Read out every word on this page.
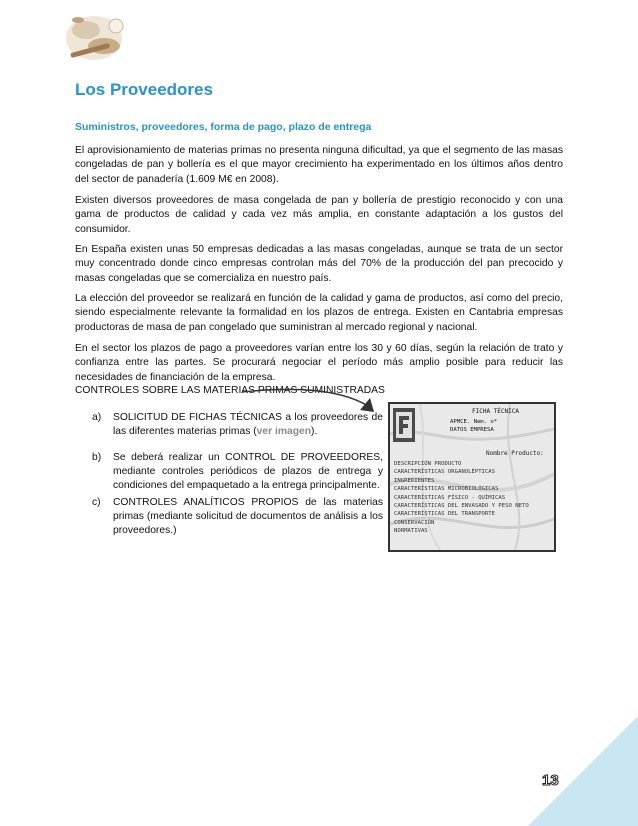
Los Proveedores
Suministros, proveedores, forma de pago, plazo de entrega
El aprovisionamiento de materias primas no presenta ninguna dificultad, ya que el segmento de las masas congeladas de pan y bollería es el que mayor crecimiento ha experimentado en los últimos años dentro del sector de panadería (1.609 M€ en 2008).
Existen diversos proveedores de masa congelada de pan y bollería de prestigio reconocido y con una gama de productos de calidad y cada vez más amplia, en constante adaptación a los gustos del consumidor.
En España existen unas 50 empresas dedicadas a las masas congeladas, aunque se trata de un sector muy concentrado donde cinco empresas controlan más del 70% de la producción del pan precocido y masas congeladas que se comercializa en nuestro país.
La elección del proveedor se realizará en función de la calidad y gama de productos, así como del precio, siendo especialmente relevante la formalidad en los plazos de entrega. Existen en Cantabria empresas productoras de masa de pan congelado que suministran al mercado regional y nacional.
En el sector los plazos de pago a proveedores varían entre los 30 y 60 días, según la relación de trato y confianza entre las partes. Se procurará negociar el período más amplio posible para reducir las necesidades de financiación de la empresa.
CONTROLES SOBRE LAS MATERIAS PRIMAS SUMINISTRADAS
a)	SOLICITUD DE FICHAS TÉCNICAS a los proveedores de las diferentes materias primas (ver imagen).
b)	Se deberá realizar un CONTROL DE PROVEEDORES, mediante controles periódicos de plazos de entrega y condiciones del empaquetado a la entrega principalmente.
c)	CONTROLES ANALÍTICOS PROPIOS de las materias primas (mediante solicitud de documentos de análisis a los proveedores.)
FICHA TÉCNICA
APMCE. Nem. o*
DATOS EMPRESA
Nombre Producto:
DESCRIPCIÓN PRODUCTO
CARACTERÍSTICAS ORGANOLÉPTICAS
INGREDIENTES
CARACTERÍSTICAS MICROBIOLÓGICAS
CARACTERÍSTICAS FÍSICO - QUÍMICAS
CARACTERÍSTICAS DEL ENVASADO Y PESO NETO
CARACTERÍSTICAS DEL TRANSPORTE
CONSERVACIÓN
NORMATIVAS
13
